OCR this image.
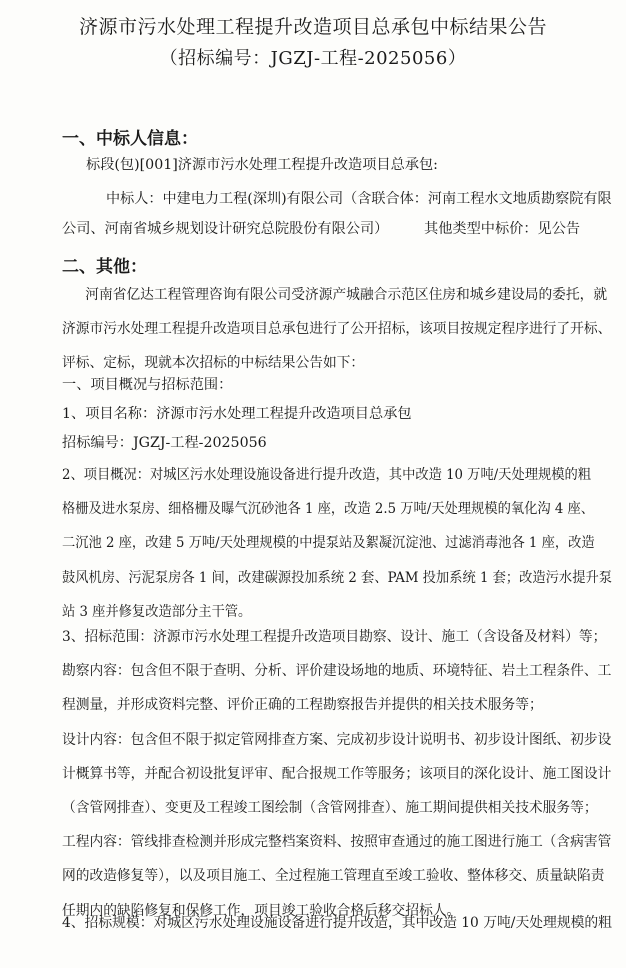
济源市污水处理工程提升改造项目总承包中标结果公告
（招标编号：JGZJ-工程-2025056）
一、中标人信息：
标段(包)[001]济源市污水处理工程提升改造项目总承包:
中标人：中建电力工程(深圳)有限公司（含联合体：河南工程水文地质勘察院有限
公司、河南省城乡规划设计研究总院股份有限公司）	其他类型中标价：见公告
二、其他：
河南省亿达工程管理咨询有限公司受济源产城融合示范区住房和城乡建设局的委托，就
济源市污水处理工程提升改造项目总承包进行了公开招标，该项目按规定程序进行了开标、
评标、定标，现就本次招标的中标结果公告如下：
一、项目概况与招标范围：
1、项目名称：济源市污水处理工程提升改造项目总承包
招标编号：JGZJ-工程-2025056
2、项目概况：对城区污水处理设施设备进行提升改造，其中改造 10 万吨/天处理规模的粗
格栅及进水泵房、细格栅及曝气沉砂池各 1 座，改造 2.5 万吨/天处理规模的氧化沟 4 座、
二沉池 2 座，改建 5 万吨/天处理规模的中提泵站及絮凝沉淀池、过滤消毒池各 1 座，改造
鼓风机房、污泥泵房各 1 间，改建碳源投加系统 2 套、PAM 投加系统 1 套；改造污水提升泵
站 3 座并修复改造部分主干管。
3、招标范围：济源市污水处理工程提升改造项目勘察、设计、施工（含设备及材料）等；
勘察内容：包含但不限于查明、分析、评价建设场地的地质、环境特征、岩土工程条件、工
程测量，并形成资料完整、评价正确的工程勘察报告并提供的相关技术服务等；
设计内容：包含但不限于拟定管网排查方案、完成初步设计说明书、初步设计图纸、初步设
计概算书等，并配合初设批复评审、配合报规工作等服务；该项目的深化设计、施工图设计
（含管网排查）、变更及工程竣工图绘制（含管网排查）、施工期间提供相关技术服务等；
工程内容：管线排查检测并形成完整档案资料、按照审查通过的施工图进行施工（含病害管
网的改造修复等），以及项目施工、全过程施工管理直至竣工验收、整体移交、质量缺陷责
任期内的缺陷修复和保修工作，项目竣工验收合格后移交招标人。
4、招标规模：对城区污水处理设施设备进行提升改造，其中改造 10 万吨/天处理规模的粗
